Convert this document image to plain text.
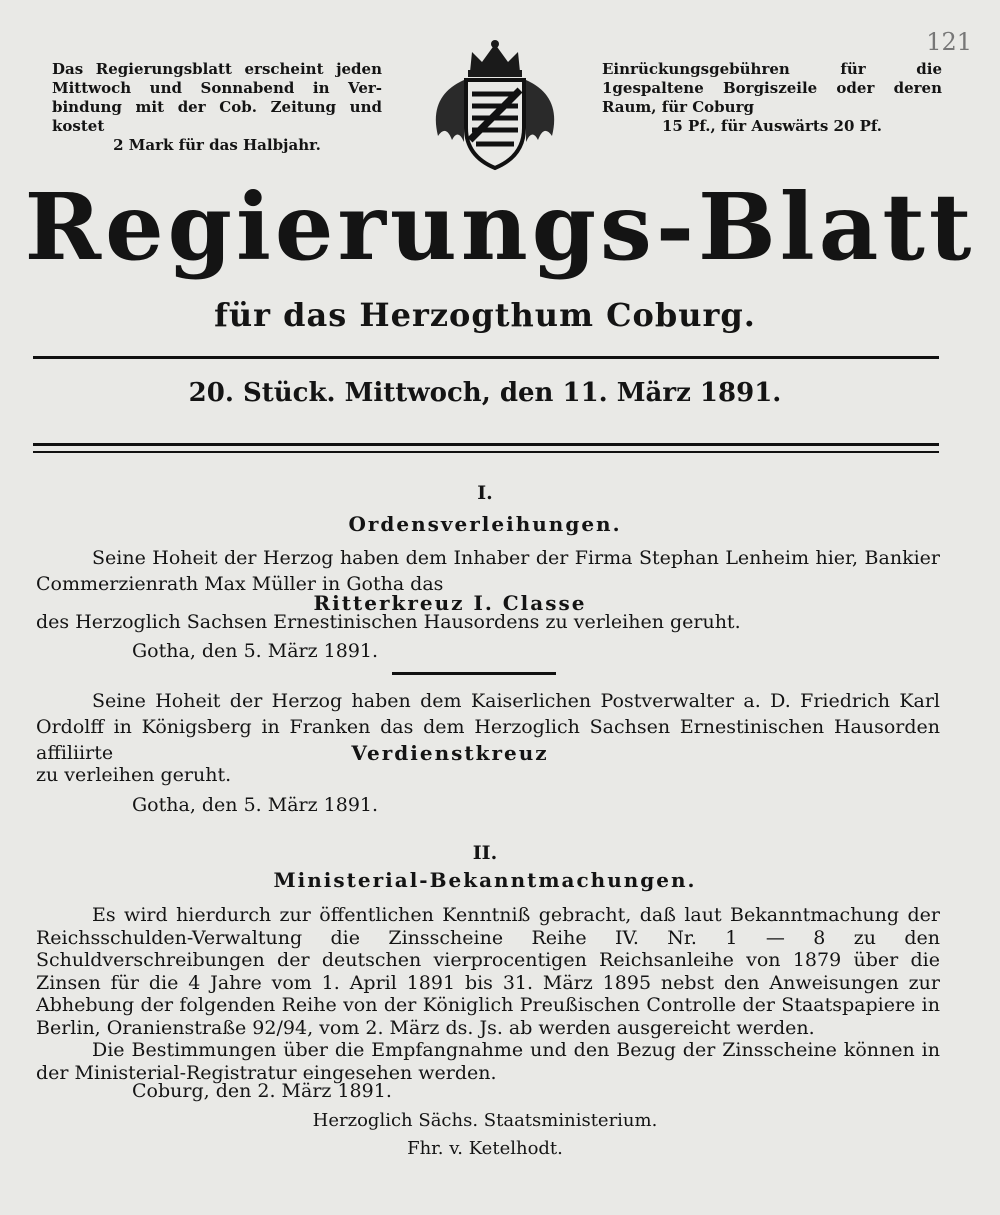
121
Das Regierungsblatt erscheint jeden Mittwoch und Sonnabend in Ver- bindung mit der Cob. Zeitung und kostet
2 Mark für das Halbjahr.
Einrückungsgebühren für die 1gespaltene Borgiszeile oder deren Raum, für Coburg
15 Pf., für Auswärts 20 Pf.
Regierungs-Blatt
für das Herzogthum Coburg.
20. Stück. Mittwoch, den 11. März 1891.
I.
Ordensverleihungen.

Seine Hoheit der Herzog haben dem Inhaber der Firma Stephan Lenheim hier, Bankier Commerzienrath Max Müller in Gotha das

Ritterkreuz I. Classe
des Herzoglich Sachsen Ernestinischen Hausordens zu verleihen geruht.
Gotha, den 5. März 1891.

Seine Hoheit der Herzog haben dem Kaiserlichen Postverwalter a. D. Friedrich Karl Ordolff in Königsberg in Franken das dem Herzoglich Sachsen Ernestinischen Hausorden affiliirte	Verdienstkreuz
zu verleihen geruht.
Gotha, den 5. März 1891.
II.
Ministerial-Bekanntmachungen.

Es wird hierdurch zur öffentlichen Kenntniß gebracht, daß laut Bekanntmachung der Reichsschulden-Verwaltung die Zinsscheine Reihe IV. Nr. 1 — 8 zu den Schuldverschreibungen der deutschen vierprocentigen Reichsanleihe von 1879 über die Zinsen für die 4 Jahre vom 1. April 1891 bis 31. März 1895 nebst den Anweisungen zur Abhebung der folgenden Reihe von der Königlich Preußischen Controlle der Staatspapiere in Berlin, Oranienstraße 92/94, vom 2. März ds. Js. ab werden ausgereicht werden.

Die Bestimmungen über die Empfangnahme und den Bezug der Zinsscheine können in der Ministerial-Registratur eingesehen werden.

Coburg, den 2. März 1891.
Herzoglich Sächs. Staatsministerium.
Fhr. v. Ketelhodt.
